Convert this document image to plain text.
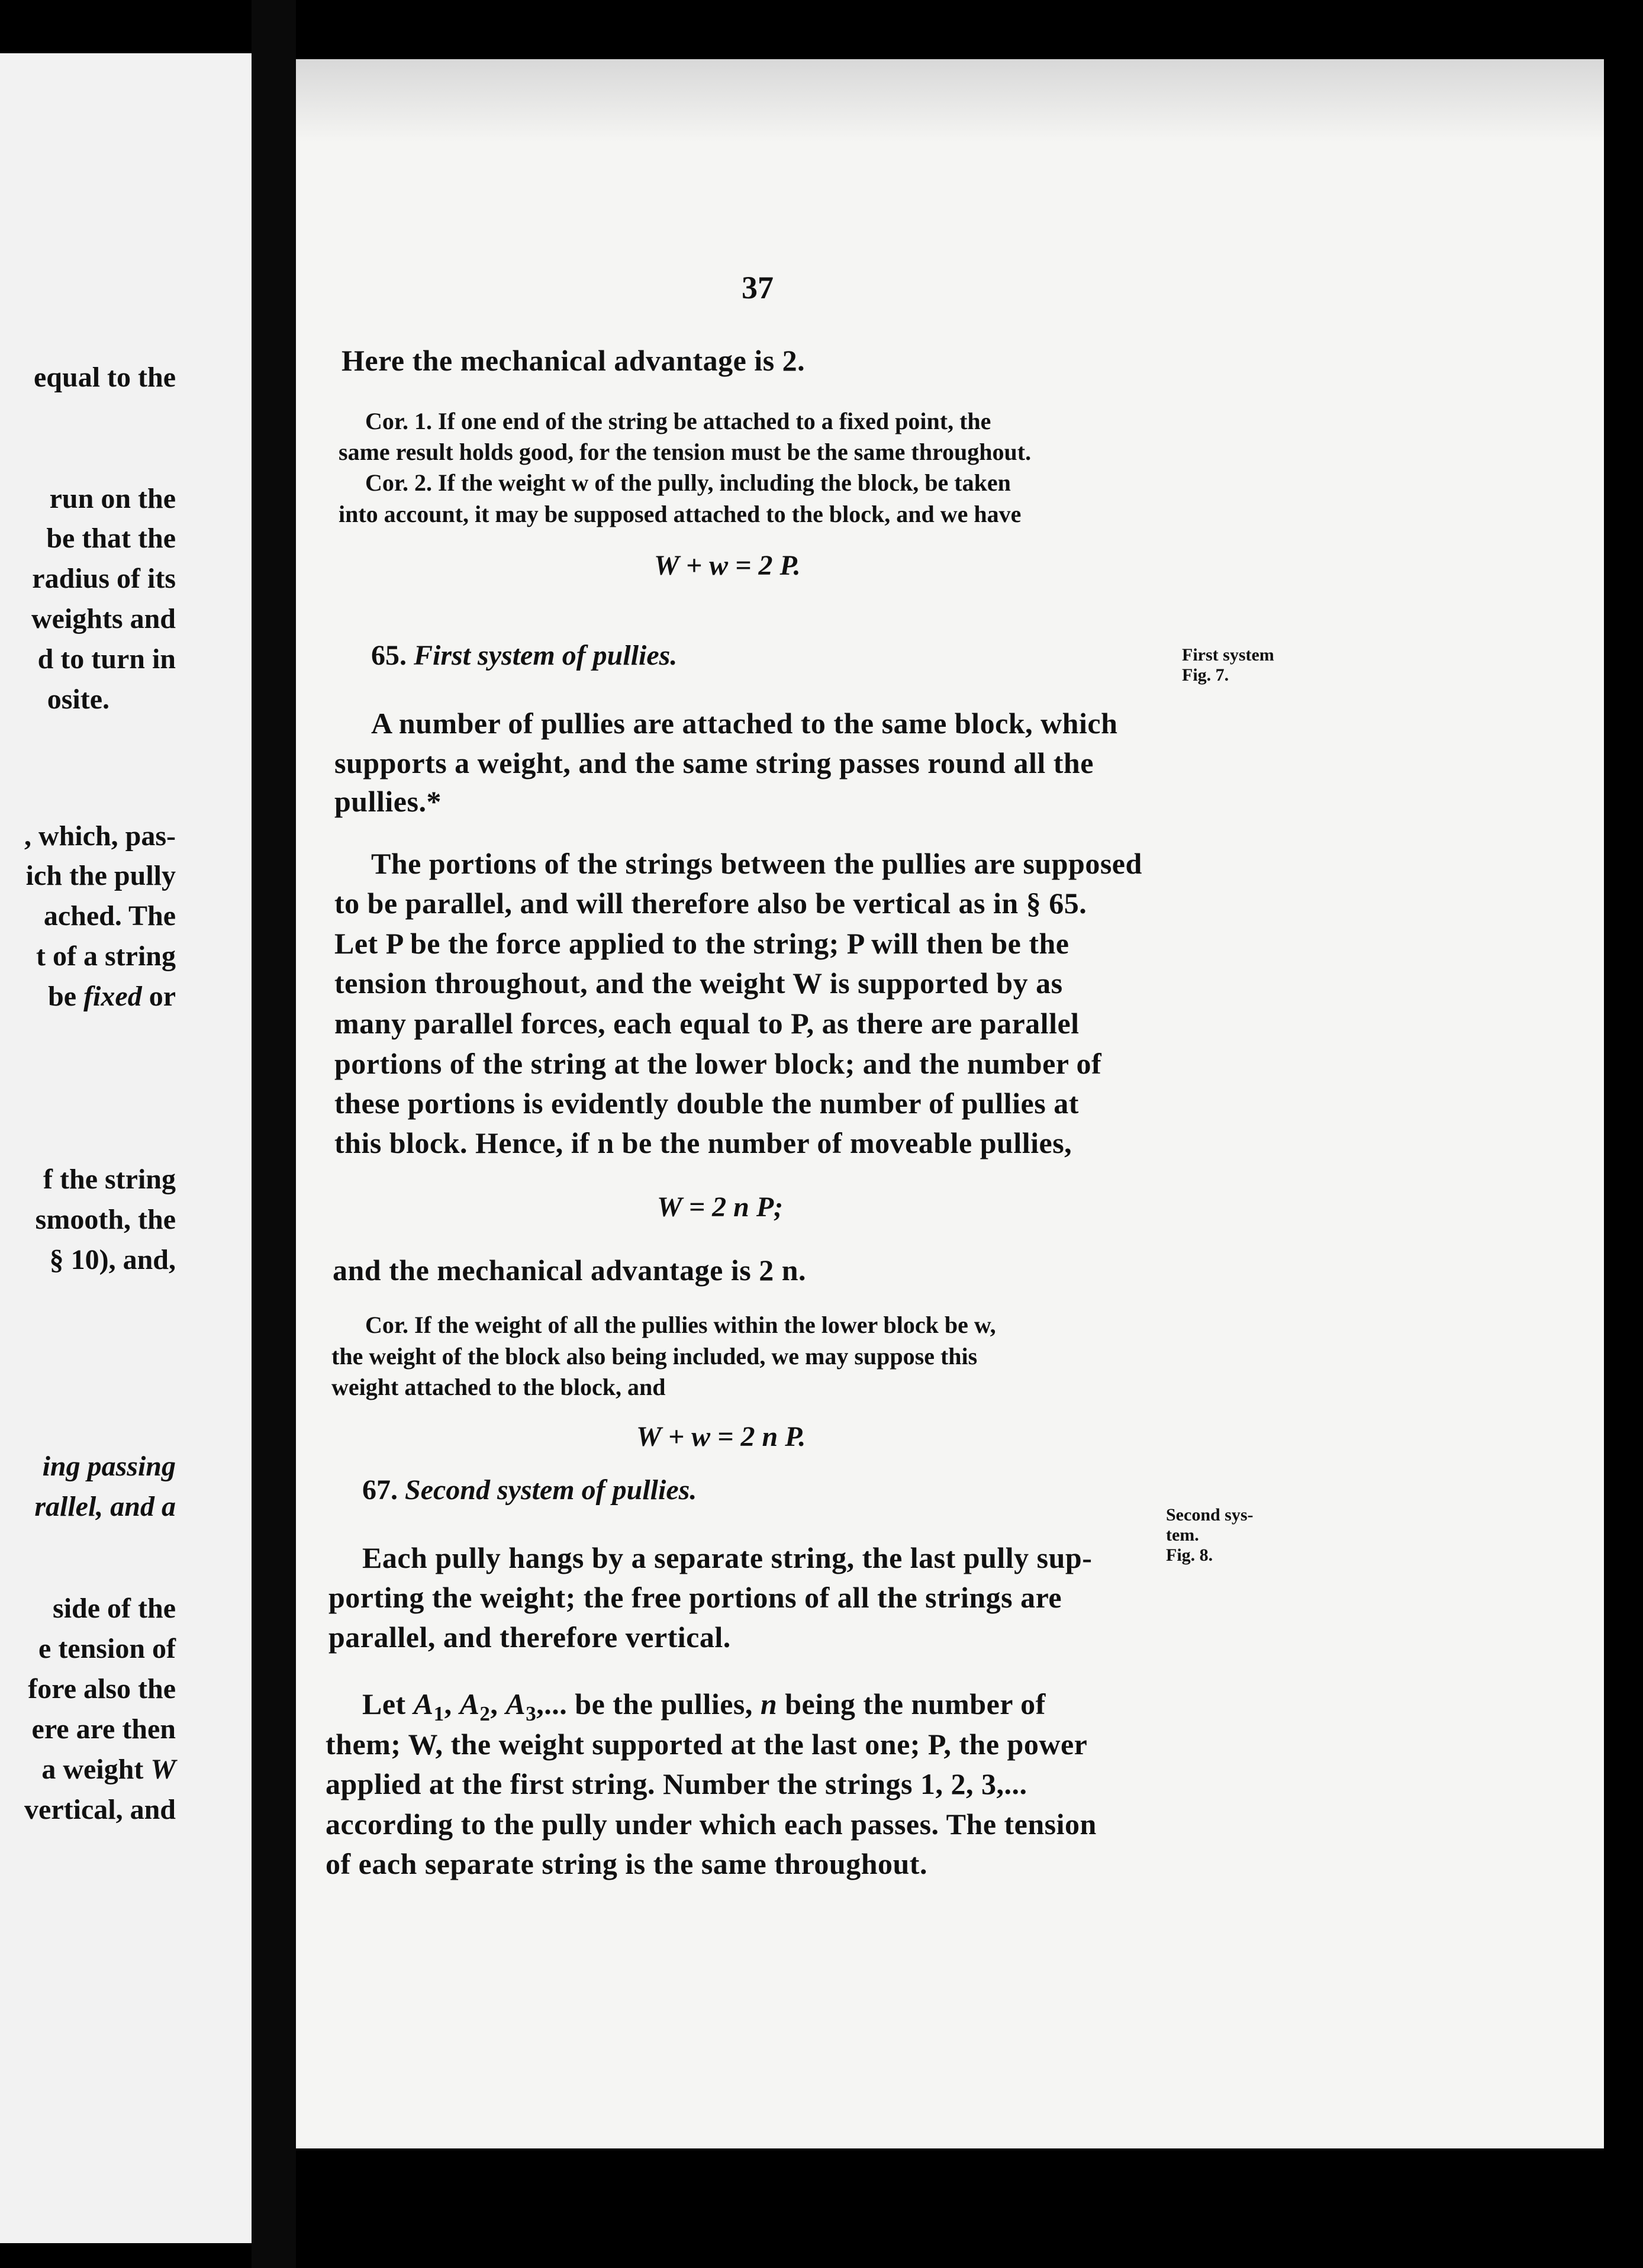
equal to the
run on the
be that the
radius of its
weights and
d to turn in
osite.
, which, pas-
ich the pully
ached. The
t of a string
be fixed or
f the string
smooth, the
§ 10), and,
ing passing
rallel, and a
side of the
e tension of
fore also the
ere are then
a weight W
vertical, and
37
Here the mechanical advantage is 2.
Cor. 1. If one end of the string be attached to a fixed point, the
same result holds good, for the tension must be the same throughout.
Cor. 2. If the weight w of the pully, including the block, be taken
into account, it may be supposed attached to the block, and we have
W + w = 2 P.
65. First system of pullies.	First system
Fig. 7.
A number of pullies are attached to the same block, which
supports a weight, and the same string passes round all the
pullies.*
The portions of the strings between the pullies are supposed
to be parallel, and will therefore also be vertical as in § 65.
Let P be the force applied to the string; P will then be the
tension throughout, and the weight W is supported by as
many parallel forces, each equal to P, as there are parallel
portions of the string at the lower block; and the number of
these portions is evidently double the number of pullies at
this block. Hence, if n be the number of moveable pullies,
W = 2 n P;
and the mechanical advantage is 2 n.
Cor. If the weight of all the pullies within the lower block be w,
the weight of the block also being included, we may suppose this
weight attached to the block, and
W + w = 2 n P.
67. Second system of pullies.
Second sys-
tem.
Fig. 8.
Each pully hangs by a separate string, the last pully sup-
porting the weight; the free portions of all the strings are
parallel, and therefore vertical.
Let $A_1$, $A_2$, $A_3$,... be the pullies, n being the number of
them; W, the weight supported at the last one; P, the power
applied at the first string. Number the strings 1, 2, 3,...
according to the pully under which each passes. The tension
of each separate string is the same throughout.
